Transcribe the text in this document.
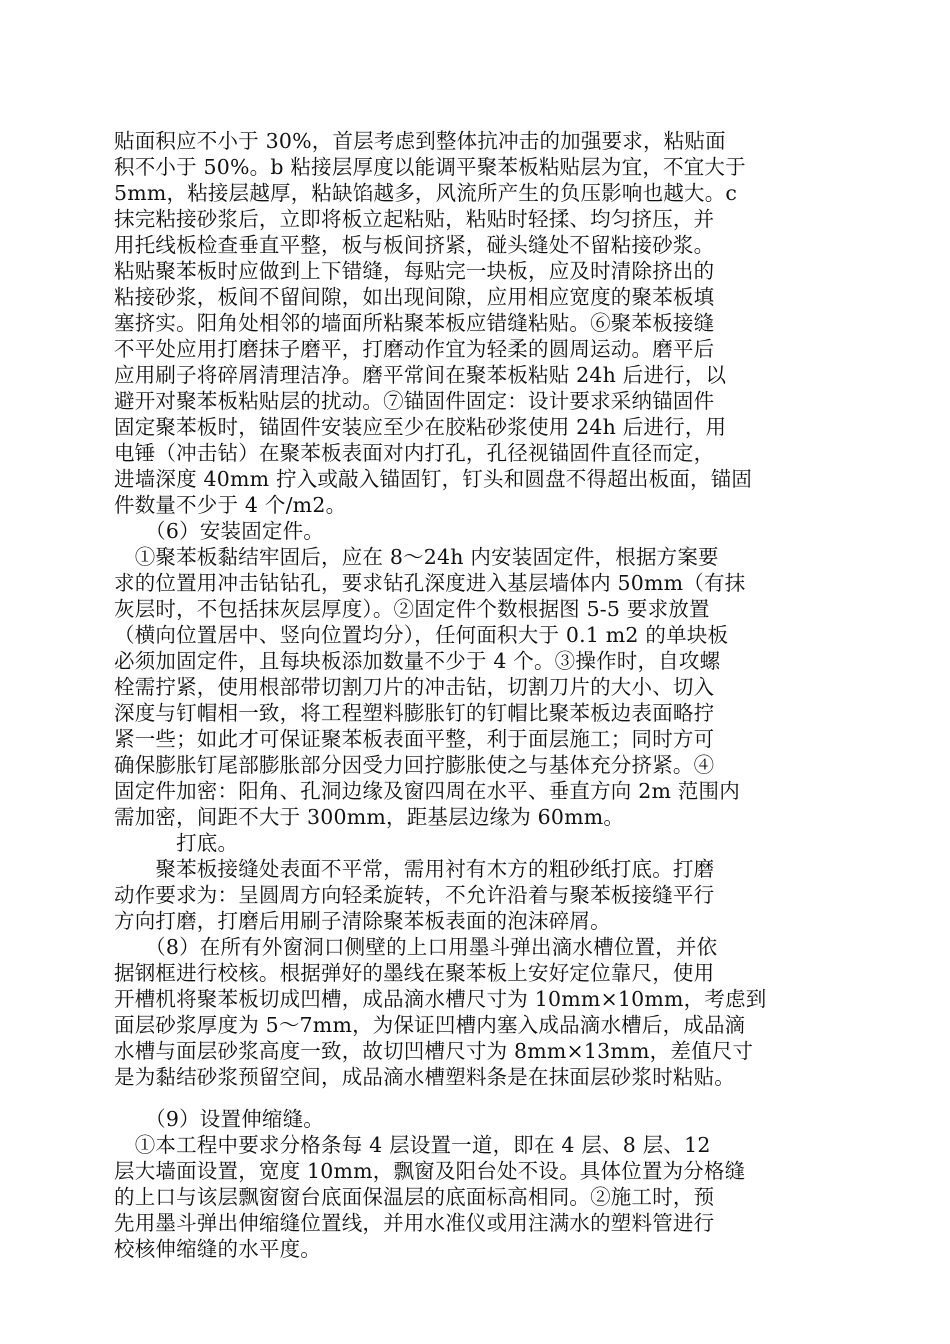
贴面积应不小于 30%，首层考虑到整体抗冲击的加强要求，粘贴面
积不小于 50%。b 粘接层厚度以能调平聚苯板粘贴层为宜，不宜大于
5mm，粘接层越厚，粘缺馅越多，风流所产生的负压影响也越大。c
抹完粘接砂浆后，立即将板立起粘贴，粘贴时轻揉、均匀挤压，并
用托线板检查垂直平整，板与板间挤紧，碰头缝处不留粘接砂浆。
粘贴聚苯板时应做到上下错缝，每贴完一块板，应及时清除挤出的
粘接砂浆，板间不留间隙，如出现间隙，应用相应宽度的聚苯板填
塞挤实。阳角处相邻的墙面所粘聚苯板应错缝粘贴。⑥聚苯板接缝
不平处应用打磨抹子磨平，打磨动作宜为轻柔的圆周运动。磨平后
应用刷子将碎屑清理洁净。磨平常间在聚苯板粘贴 24h 后进行，以
避开对聚苯板粘贴层的扰动。⑦锚固件固定：设计要求采纳锚固件
固定聚苯板时，锚固件安装应至少在胶粘砂浆使用 24h 后进行，用
电锤（冲击钻）在聚苯板表面对内打孔，孔径视锚固件直径而定，
进墙深度 40mm 拧入或敲入锚固钉，钉头和圆盘不得超出板面，锚固
件数量不少于 4 个/m2。
　　（6）安装固定件。
　①聚苯板黏结牢固后，应在 8～24h 内安装固定件，根据方案要
求的位置用冲击钻钻孔，要求钻孔深度进入基层墙体内 50mm（有抹
灰层时，不包括抹灰层厚度）。②固定件个数根据图 5-5 要求放置
（横向位置居中、竖向位置均分），任何面积大于 0.1 m2 的单块板
必须加固定件，且每块板添加数量不少于 4 个。③操作时，自攻螺
栓需拧紧，使用根部带切割刀片的冲击钻，切割刀片的大小、切入
深度与钉帽相一致，将工程塑料膨胀钉的钉帽比聚苯板边表面略拧
紧一些；如此才可保证聚苯板表面平整，利于面层施工；同时方可
确保膨胀钉尾部膨胀部分因受力回拧膨胀使之与基体充分挤紧。④
固定件加密：阳角、孔洞边缘及窗四周在水平、垂直方向 2m 范围内
需加密，间距不大于 300mm，距基层边缘为 60mm。
　　　打底。
　　聚苯板接缝处表面不平常，需用衬有木方的粗砂纸打底。打磨
动作要求为：呈圆周方向轻柔旋转，不允许沿着与聚苯板接缝平行
方向打磨，打磨后用刷子清除聚苯板表面的泡沫碎屑。
　　（8）在所有外窗洞口侧壁的上口用墨斗弹出滴水槽位置，并依
据钢框进行校核。根据弹好的墨线在聚苯板上安好定位靠尺，使用
开槽机将聚苯板切成凹槽，成品滴水槽尺寸为 10mm×10mm，考虑到
面层砂浆厚度为 5～7mm，为保证凹槽内塞入成品滴水槽后，成品滴
水槽与面层砂浆高度一致，故切凹槽尺寸为 8mm×13mm，差值尺寸
是为黏结砂浆预留空间，成品滴水槽塑料条是在抹面层砂浆时粘贴。
　　（9）设置伸缩缝。
　①本工程中要求分格条每 4 层设置一道，即在 4 层、8 层、12
层大墙面设置，宽度 10mm，飘窗及阳台处不设。具体位置为分格缝
的上口与该层飘窗窗台底面保温层的底面标高相同。②施工时，预
先用墨斗弹出伸缩缝位置线，并用水准仪或用注满水的塑料管进行
校核伸缩缝的水平度。
